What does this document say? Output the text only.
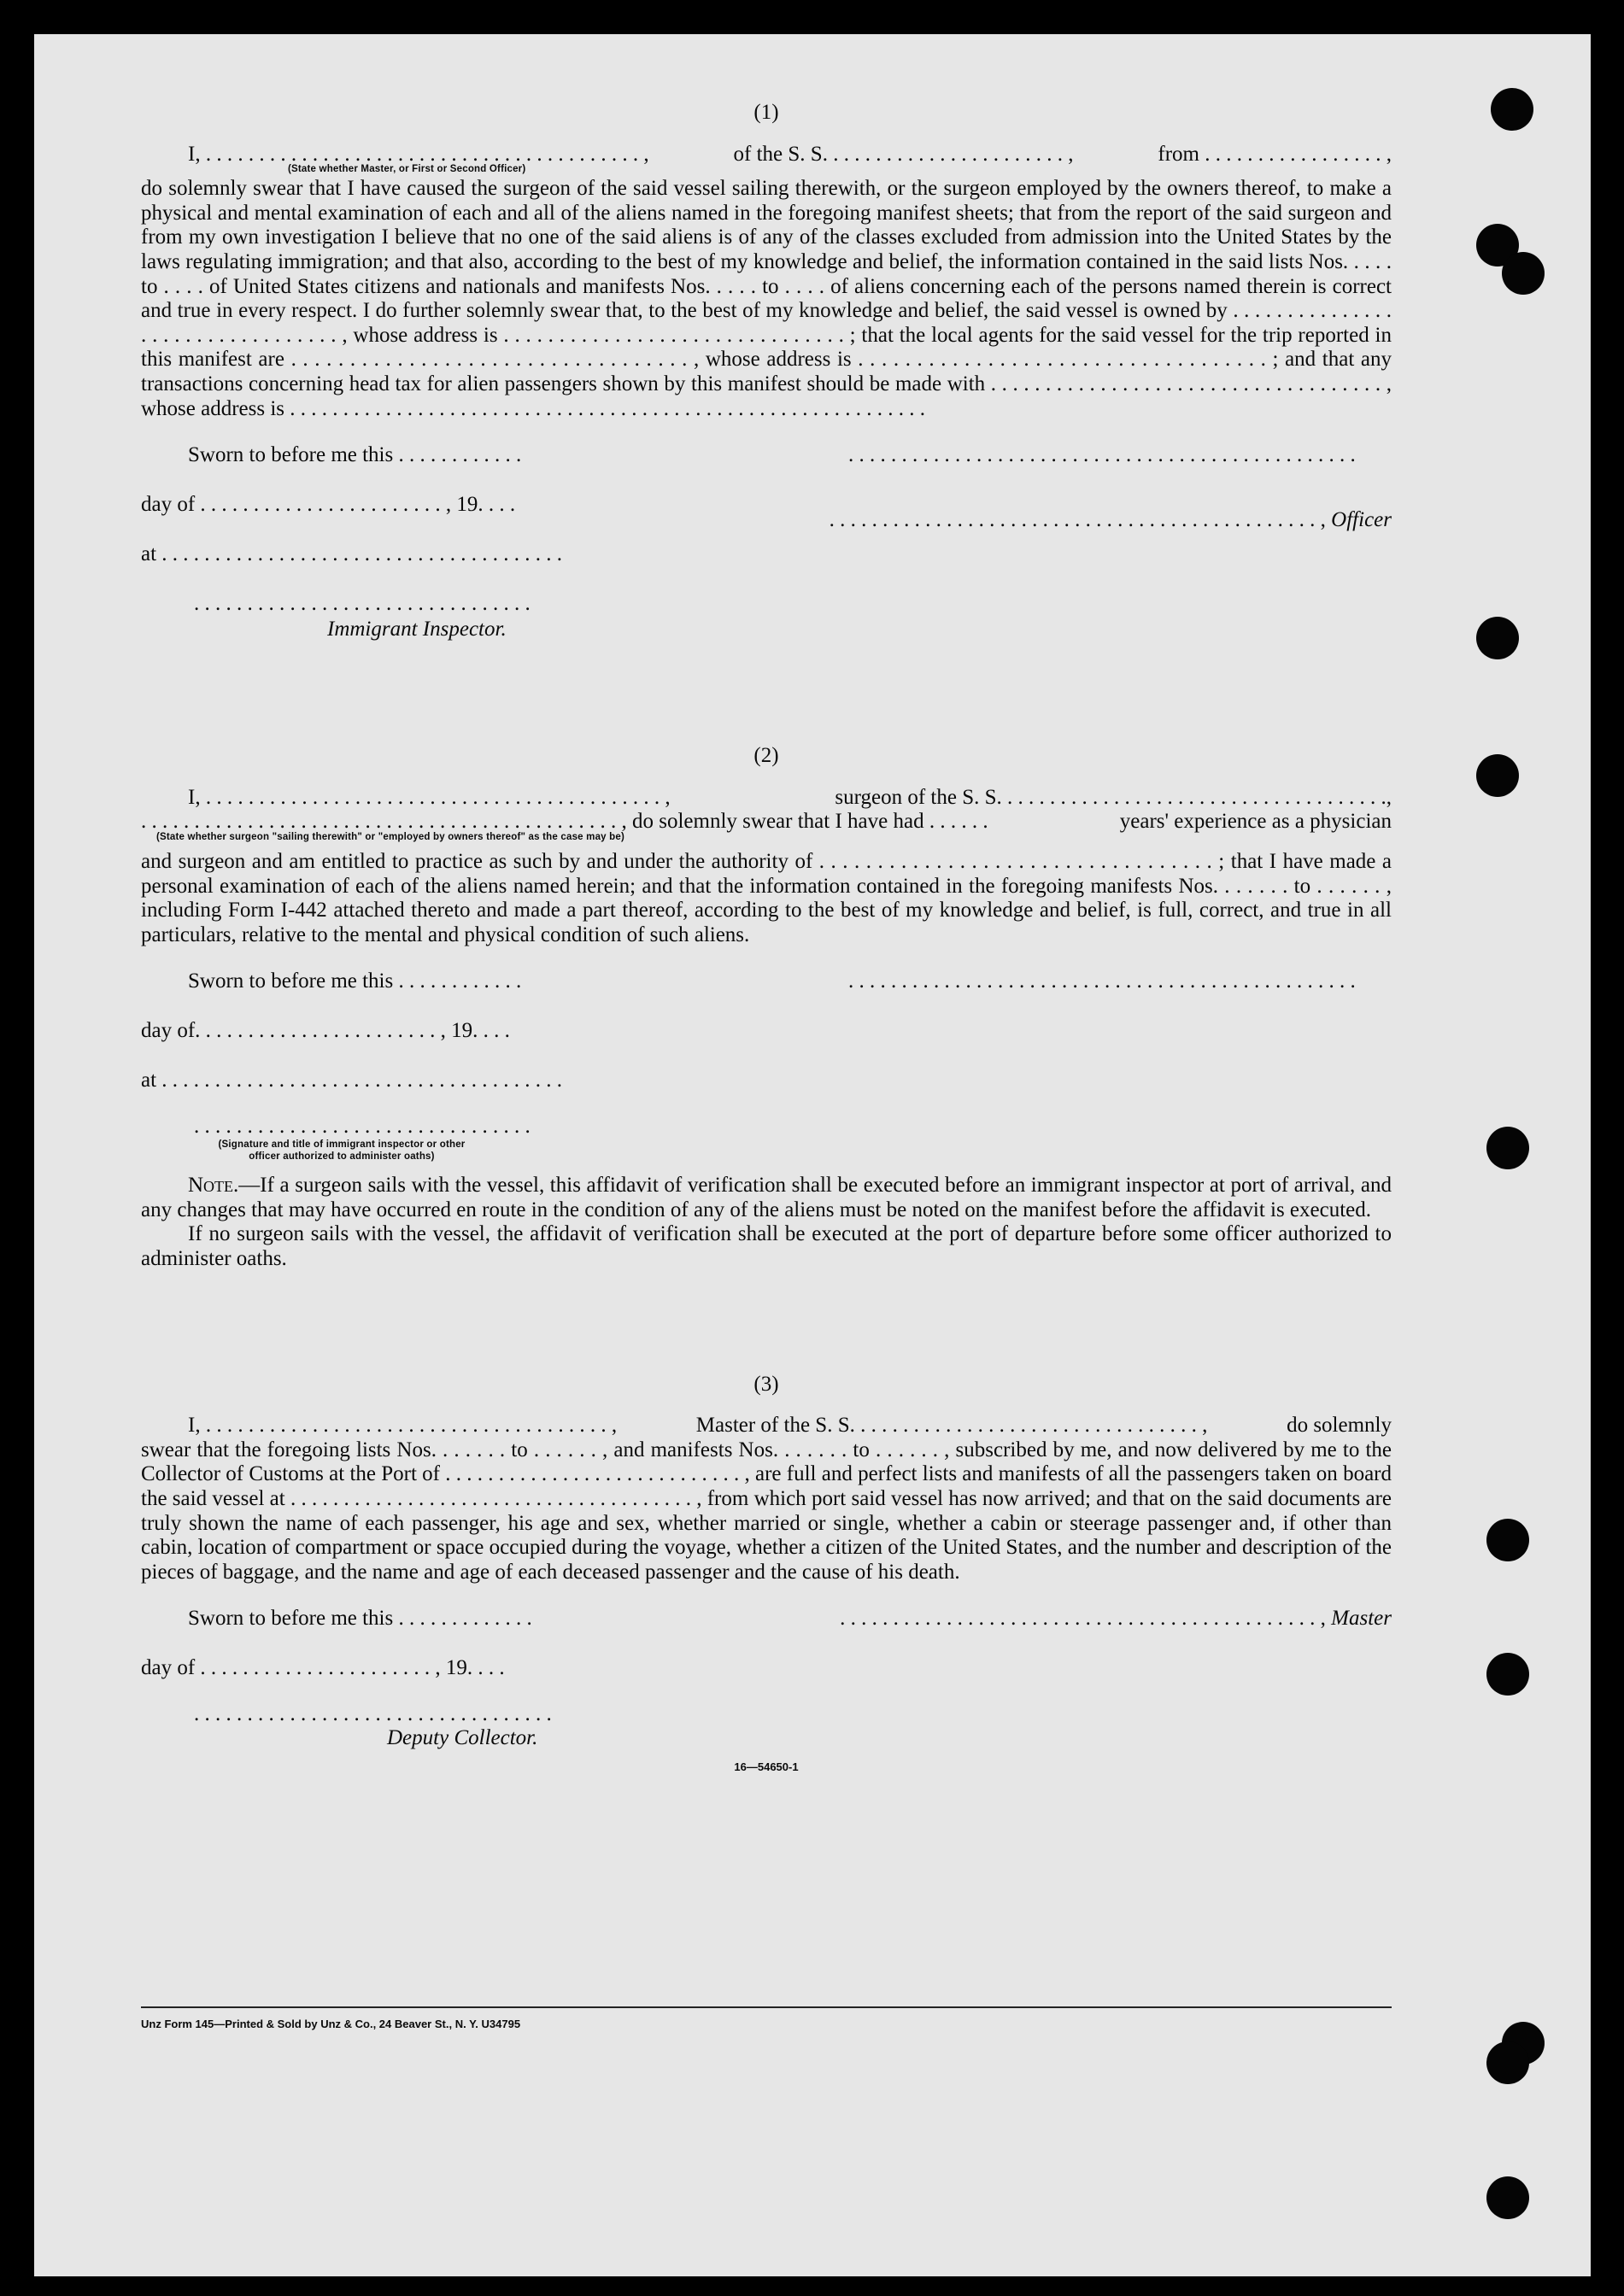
(1)
I, . . . . . . . . . . . . . . . . . . . . . . . . . . . . . . . . . . . . . . . . . ,	of the S. S. . . . . . . . . . . . . . . . . . . . . . . ,	from . . . . . . . . . . . . . . . . . ,
(State whether Master, or First or Second Officer)

do solemnly swear that I have caused the surgeon of the said vessel sailing therewith, or the surgeon employed by the owners thereof, to make a physical and mental examination of each and all of the aliens named in the foregoing manifest sheets; that from the report of the said surgeon and from my own investigation I believe that no one of the said aliens is of any of the classes excluded from admission into the United States by the laws regulating immigration; and that also, according to the best of my knowledge and belief, the information contained in the said lists Nos. . . . . to . . . . of United States citizens and nationals and manifests Nos. . . . . to . . . . of aliens concerning each of the persons named therein is correct and true in every respect. I do further solemnly swear that, to the best of my knowledge and belief, the said vessel is owned by . . . . . . . . . . . . . . . . . . . . . . . . . . . . . . . . . , whose address is . . . . . . . . . . . . . . . . . . . . . . . . . . . . . . . ; that the local agents for the said vessel for the trip reported in this manifest are . . . . . . . . . . . . . . . . . . . . . . . . . . . . . . . . . . , whose address is . . . . . . . . . . . . . . . . . . . . . . . . . . . . . . . . . . . ; and that any transactions concerning head tax for alien passengers shown by this manifest should be made with . . . . . . . . . . . . . . . . . . . . . . . . . . . . . . . . . . . . , whose address is . . . . . . . . . . . . . . . . . . . . . . . . . . . . . . . . . . . . . . . . . . . . . . . . . . . . . . . . . . . .

Sworn to before me this . . . . . . . . . . . .
day of . . . . . . . . . . . . . . . . . . . . . . . , 19. . . .
at . . . . . . . . . . . . . . . . . . . . . . . . . . . . . . . . . . . . . .
. . . . . . . . . . . . . . . . . . . . . . . . . . . . . . . .
Immigrant Inspector.
. . . . . . . . . . . . . . . . . . . . . . . . . . . . . . . . . . . . . . . . . . . . . . . .
. . . . . . . . . . . . . . . . . . . . . . . . . . . . . . . . . . . . . . . . . . . . . . , Officer
(2)
I, . . . . . . . . . . . . . . . . . . . . . . . . . . . . . . . . . . . . . . . . . . . ,	surgeon of the S. S. . . . . . . . . . . . . . . . . . . . . . . . . . . . . . . . . . . . .,
. . . . . . . . . . . . . . . . . . . . . . . . . . . . . . . . . . . . . . . . . . . . . , do solemnly swear that I have had . . . . . .	years' experience as a physician
(State whether surgeon "sailing therewith" or "employed by owners thereof" as the case may be)

and surgeon and am entitled to practice as such by and under the authority of . . . . . . . . . . . . . . . . . . . . . . . . . . . . . . . . . . ; that I have made a personal examination of each of the aliens named herein; and that the information contained in the foregoing manifests Nos. . . . . . . to . . . . . . , including Form I-442 attached thereto and made a part thereof, according to the best of my knowledge and belief, is full, correct, and true in all particulars, relative to the mental and physical condition of such aliens.

Sworn to before me this . . . . . . . . . . . .
day of. . . . . . . . . . . . . . . . . . . . . . . , 19. . . .
at . . . . . . . . . . . . . . . . . . . . . . . . . . . . . . . . . . . . . .
. . . . . . . . . . . . . . . . . . . . . . . . . . . . . . . .
(Signature and title of immigrant inspector or other officer authorized to administer oaths)
. . . . . . . . . . . . . . . . . . . . . . . . . . . . . . . . . . . . . . . . . . . . . . . .

Note.—If a surgeon sails with the vessel, this affidavit of verification shall be executed before an immigrant inspector at port of arrival, and any changes that may have occurred en route in the condition of any of the aliens must be noted on the manifest before the affidavit is executed.

If no surgeon sails with the vessel, the affidavit of verification shall be executed at the port of departure before some officer authorized to administer oaths.

(3)
I, . . . . . . . . . . . . . . . . . . . . . . . . . . . . . . . . . . . . . . ,	Master of the S. S. . . . . . . . . . . . . . . . . . . . . . . . . . . . . . . . . ,	do solemnly

swear that the foregoing lists Nos. . . . . . . to . . . . . . , and manifests Nos. . . . . . . to . . . . . . , subscribed by me, and now delivered by me to the Collector of Customs at the Port of . . . . . . . . . . . . . . . . . . . . . . . . . . . . , are full and perfect lists and manifests of all the passengers taken on board the said vessel at . . . . . . . . . . . . . . . . . . . . . . . . . . . . . . . . . . . . . . , from which port said vessel has now arrived; and that on the said documents are truly shown the name of each passenger, his age and sex, whether married or single, whether a cabin or steerage passenger and, if other than cabin, location of compartment or space occupied during the voyage, whether a citizen of the United States, and the number and description of the pieces of baggage, and the name and age of each deceased passenger and the cause of his death.

Sworn to before me this . . . . . . . . . . . . .
day of . . . . . . . . . . . . . . . . . . . . . . , 19. . . .
. . . . . . . . . . . . . . . . . . . . . . . . . . . . . . . . . .
Deputy Collector.
. . . . . . . . . . . . . . . . . . . . . . . . . . . . . . . . . . . . . . . . . . . . . , Master
16—54650-1
Unz Form 145—Printed & Sold by Unz & Co., 24 Beaver St., N. Y. U34795
